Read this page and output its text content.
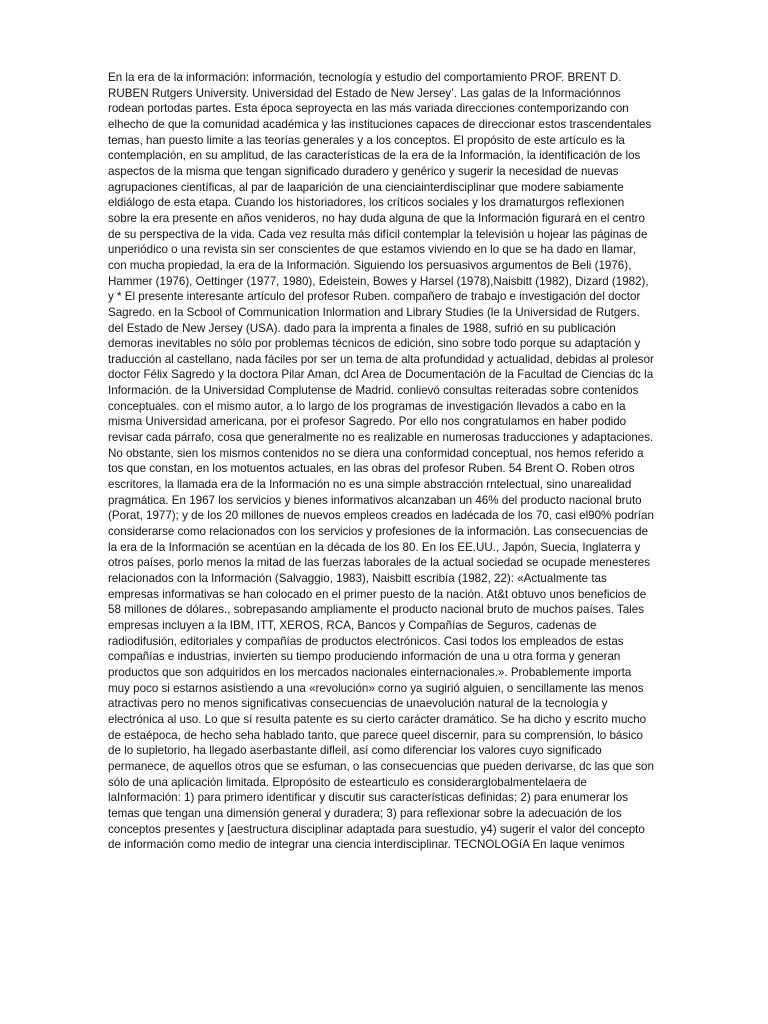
En la era de la información: información, tecnología y estudio del comportamiento PROF. BRENT D. RUBEN Rutgers University. Universidad del Estado de New Jersey’. Las galas de la Informaciónnos rodean portodas partes. Esta época seproyecta en las más variada direcciones contemporizando con elhecho de que la comunidad académica y las instituciones capaces de direccionar estos trascendentales temas, han puesto limite a las teorías generales y a los conceptos. El propósito de este artículo es la contemplación, en su amplitud, de las características de la era de la Información, la identificación de los aspectos de la misma que tengan significado duradero y genérico y sugerir la necesidad de nuevas agrupaciones científicas, al par de laaparición de una cienciainterdisciplinar que modere sabiamente eldiálogo de esta etapa. Cuando los historiadores, los críticos sociales y los dramaturgos reflexionen sobre la era presente en años venideros, no hay duda alguna de que la Información figurará en el centro de su perspectiva de la vida. Cada vez resulta más difícil contemplar la televisión u hojear las páginas de unperiódico o una revista sin ser conscientes de que estamos viviendo en lo que se ha dado en llamar, con mucha propiedad, la era de la Información. Siguiendo los persuasivos argumentos de Beli (1976), Hammer (1976), Oettinger (1977, 1980), Edeistein, Bowes y Harsel (1978),Naisbitt (1982), Dizard (1982), y * El presente interesante artículo del profesor Ruben. compañero de trabajo e investigación del doctor Sagredo. en la Scbool of Communicatìon Inlormatìon and Library Studies (le la Universidad de Rutgers. del Estado de New Jersey (USA). dado para la imprenta a finales de 1988, sufrió en su publicación demoras inevitables no sólo por problemas técnicos de edición, sino sobre todo porque su adaptación y traducción al castellano, nada fáciles por ser un tema de alta profundidad y actualidad, debidas al prolesor doctor Félix Sagredo y la doctora Pilar Aman, dcl Area de Documentación de la Facultad de Ciencias dc la Información. de la Universidad Complutense de Madrid. conlievó consultas reiteradas sobre contenidos conceptuales. con el mismo autor, a lo largo de los programas de investigación llevados a cabo en la misma Universidad americana, por ei profesor Sagredo. Por ello nos congratulamos en haber podido revisar cada párrafo, cosa que generalmente no es realizable en numerosas traducciones y adaptaciones. No obstante, sien los mismos contenidos no se diera una conformidad conceptual, nos hemos referido a tos que constan, en los motuentos actuales, en las obras del profesor Ruben. 54 Brent O. Roben otros escritores, la llamada era de la Información no es una simple abstracción rntelectual, sino unarealidad pragmática. En 1967 los servicios y bienes informativos alcanzaban un 46% del producto nacional bruto (Porat, 1977); y de los 20 millones de nuevos empleos creados en ladécada de los 70, casi el90% podrían considerarse como relacionados con los servicios y profesiones de la información. Las consecuencias de la era de la Información se acentúan en la década de los 80. En los EE.UU., Japón, Suecia, Inglaterra y otros países, porlo menos la mitad de las fuerzas laborales de la actual sociedad se ocupade menesteres relacionados con la Información (Salvaggio, 1983), Naisbitt escribía (1982, 22): «Actualmente tas empresas informativas se han colocado en el primer puesto de la nación. At&t obtuvo unos beneficios de 58 millones de dólares., sobrepasando ampliamente el producto nacional bruto de muchos países. Tales empresas incluyen a la IBM, ITT, XEROS, RCA, Bancos y Compañías de Seguros, cadenas de radiodifusión, editoriales y compañías de productos electrónicos. Casi todos los empleados de estas compañías e industrias, invierten su tiempo produciendo información de una u otra forma y generan productos que son adquiridos en los mercados nacionales einternacionales.». Probablemente importa muy poco si estarnos asistìendo a una «revolución» corno ya sugirió alguien, o sencillamente las menos atractivas pero no menos significativas consecuencias de unaevolución natural de la tecnología y electrónica al uso. Lo que sí resulta patente es su cierto carácter dramático. Se ha dicho y escrito mucho de estaépoca, de hecho seha hablado tanto, que parece queel discernir, para su comprensión, lo básico de lo supletorio, ha llegado aserbastante difleil, así como diferenciar los valores cuyo significado permanece, de aquellos otros que se esfuman, o las consecuencias que pueden derivarse, dc las que son sólo de una aplicación limitada. Elpropósito de estearticulo es considerarglobalmentelaera de laInformación: 1) para primero identificar y discutir sus características definidas; 2) para enumerar los temas que tengan una dimensión general y duradera; 3) para reflexionar sobre la adecuación de los conceptos presentes y [aestructura disciplinar adaptada para suestudio, y4) sugerir el valor del concepto de información como medio de integrar una ciencia interdisciplinar. TECNOLOGíA En laque venimos
